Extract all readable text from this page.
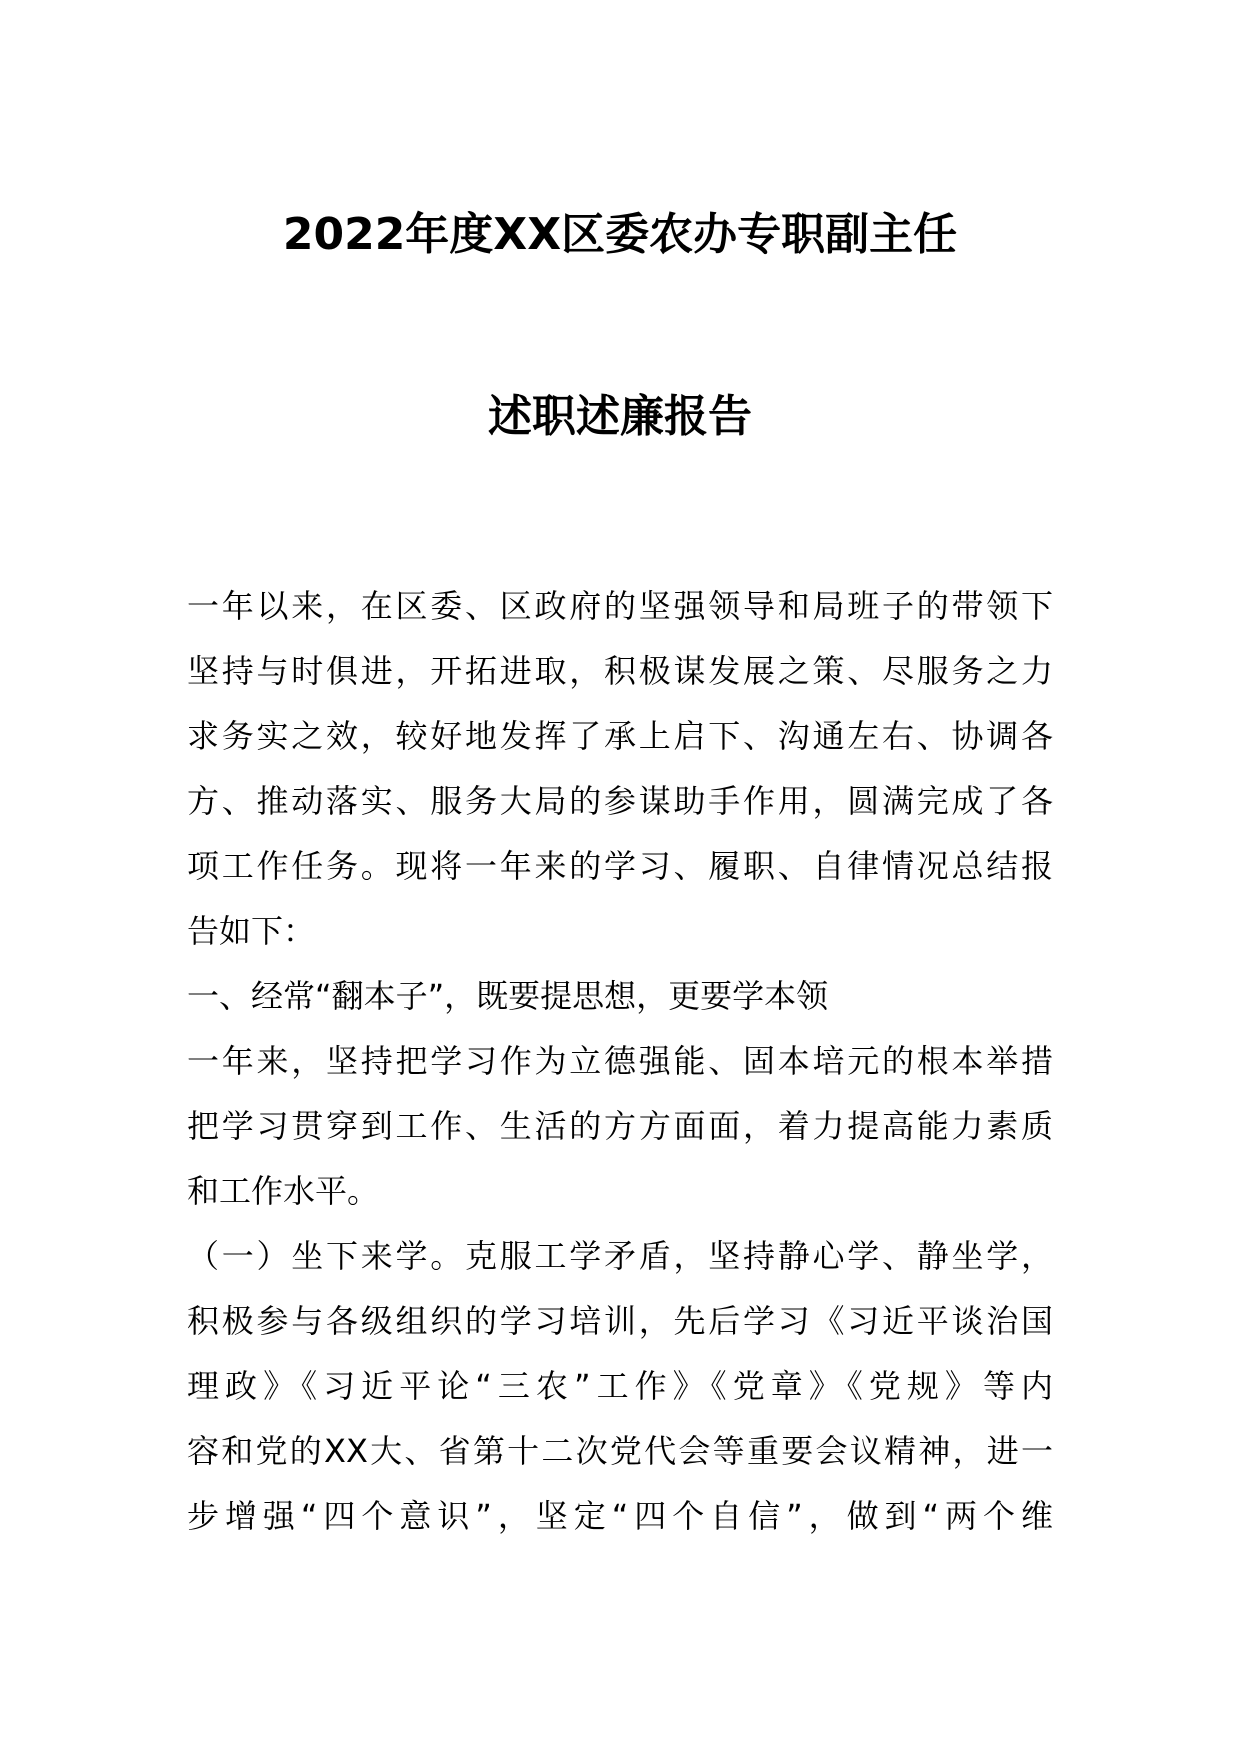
2022年度XX区委农办专职副主任
述职述廉报告
一年以来，在区委、区政府的坚强领导和局班子的带领下
坚持与时俱进，开拓进取，积极谋发展之策、尽服务之力
求务实之效，较好地发挥了承上启下、沟通左右、协调各
方、推动落实、服务大局的参谋助手作用，圆满完成了各
项工作任务。现将一年来的学习、履职、自律情况总结报
告如下：
一、经常“翻本子”，既要提思想，更要学本领
一年来，坚持把学习作为立德强能、固本培元的根本举措
把学习贯穿到工作、生活的方方面面，着力提高能力素质
和工作水平。
（一）坐下来学。克服工学矛盾，坚持静心学、静坐学，
积极参与各级组织的学习培训，先后学习《习近平谈治国
理政》《习近平论“三农”工作》《党章》《党规》等内
容和党的XX大、省第十二次党代会等重要会议精神，进一
步增强“四个意识”，坚定“四个自信”，做到“两个维
